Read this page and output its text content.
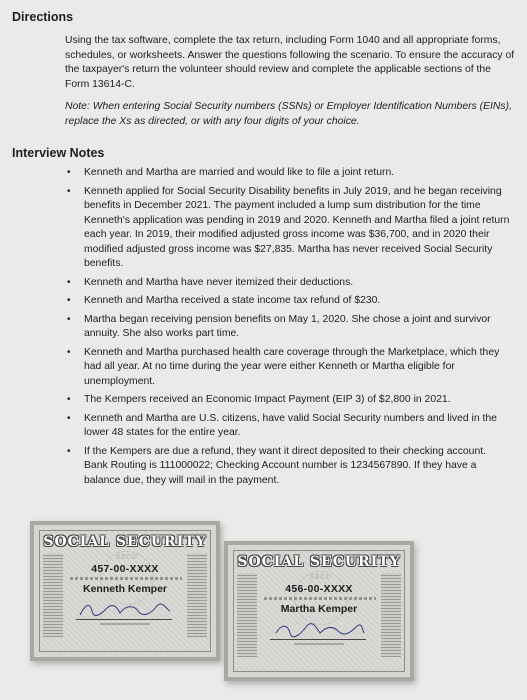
Directions

Using the tax software, complete the tax return, including Form 1040 and all appropriate forms, schedules, or worksheets. Answer the questions following the scenario. To ensure the accuracy of the taxpayer's return the volunteer should review and complete the applicable sections of the Form 13614-C.

Note: When entering Social Security numbers (SSNs) or Employer Identification Numbers (EINs), replace the Xs as directed, or with any four digits of your choice.

Interview Notes
• Kenneth and Martha are married and would like to file a joint return.
• Kenneth applied for Social Security Disability benefits in July 2019, and he began receiving benefits in December 2021. The payment included a lump sum distribution for the time Kenneth's application was pending in 2019 and 2020. Kenneth and Martha filed a joint return each year. In 2019, their modified adjusted gross income was $36,700, and in 2020 their modified adjusted gross income was $27,835. Martha has never received Social Security benefits.
• Kenneth and Martha have never itemized their deductions.
• Kenneth and Martha received a state income tax refund of $230.
• Martha began receiving pension benefits on May 1, 2020. She chose a joint and survivor annuity. She also works part time.
• Kenneth and Martha purchased health care coverage through the Marketplace, which they had all year. At no time during the year were either Kenneth or Martha eligible for unemployment.
• The Kempers received an Economic Impact Payment (EIP 3) of $2,800 in 2021.
• Kenneth and Martha are U.S. citizens, have valid Social Security numbers and lived in the lower 48 states for the entire year.
• If the Kempers are due a refund, they want it direct deposited to their checking account. Bank Routing is 111000022; Checking Account number is 1234567890. If they have a balance due, they will mail in the payment.
SOCIAL SECURITY
SECU
457-00-XXXX
Kenneth Kemper
SOCIAL SECURITY
SECU
456-00-XXXX
Martha Kemper
